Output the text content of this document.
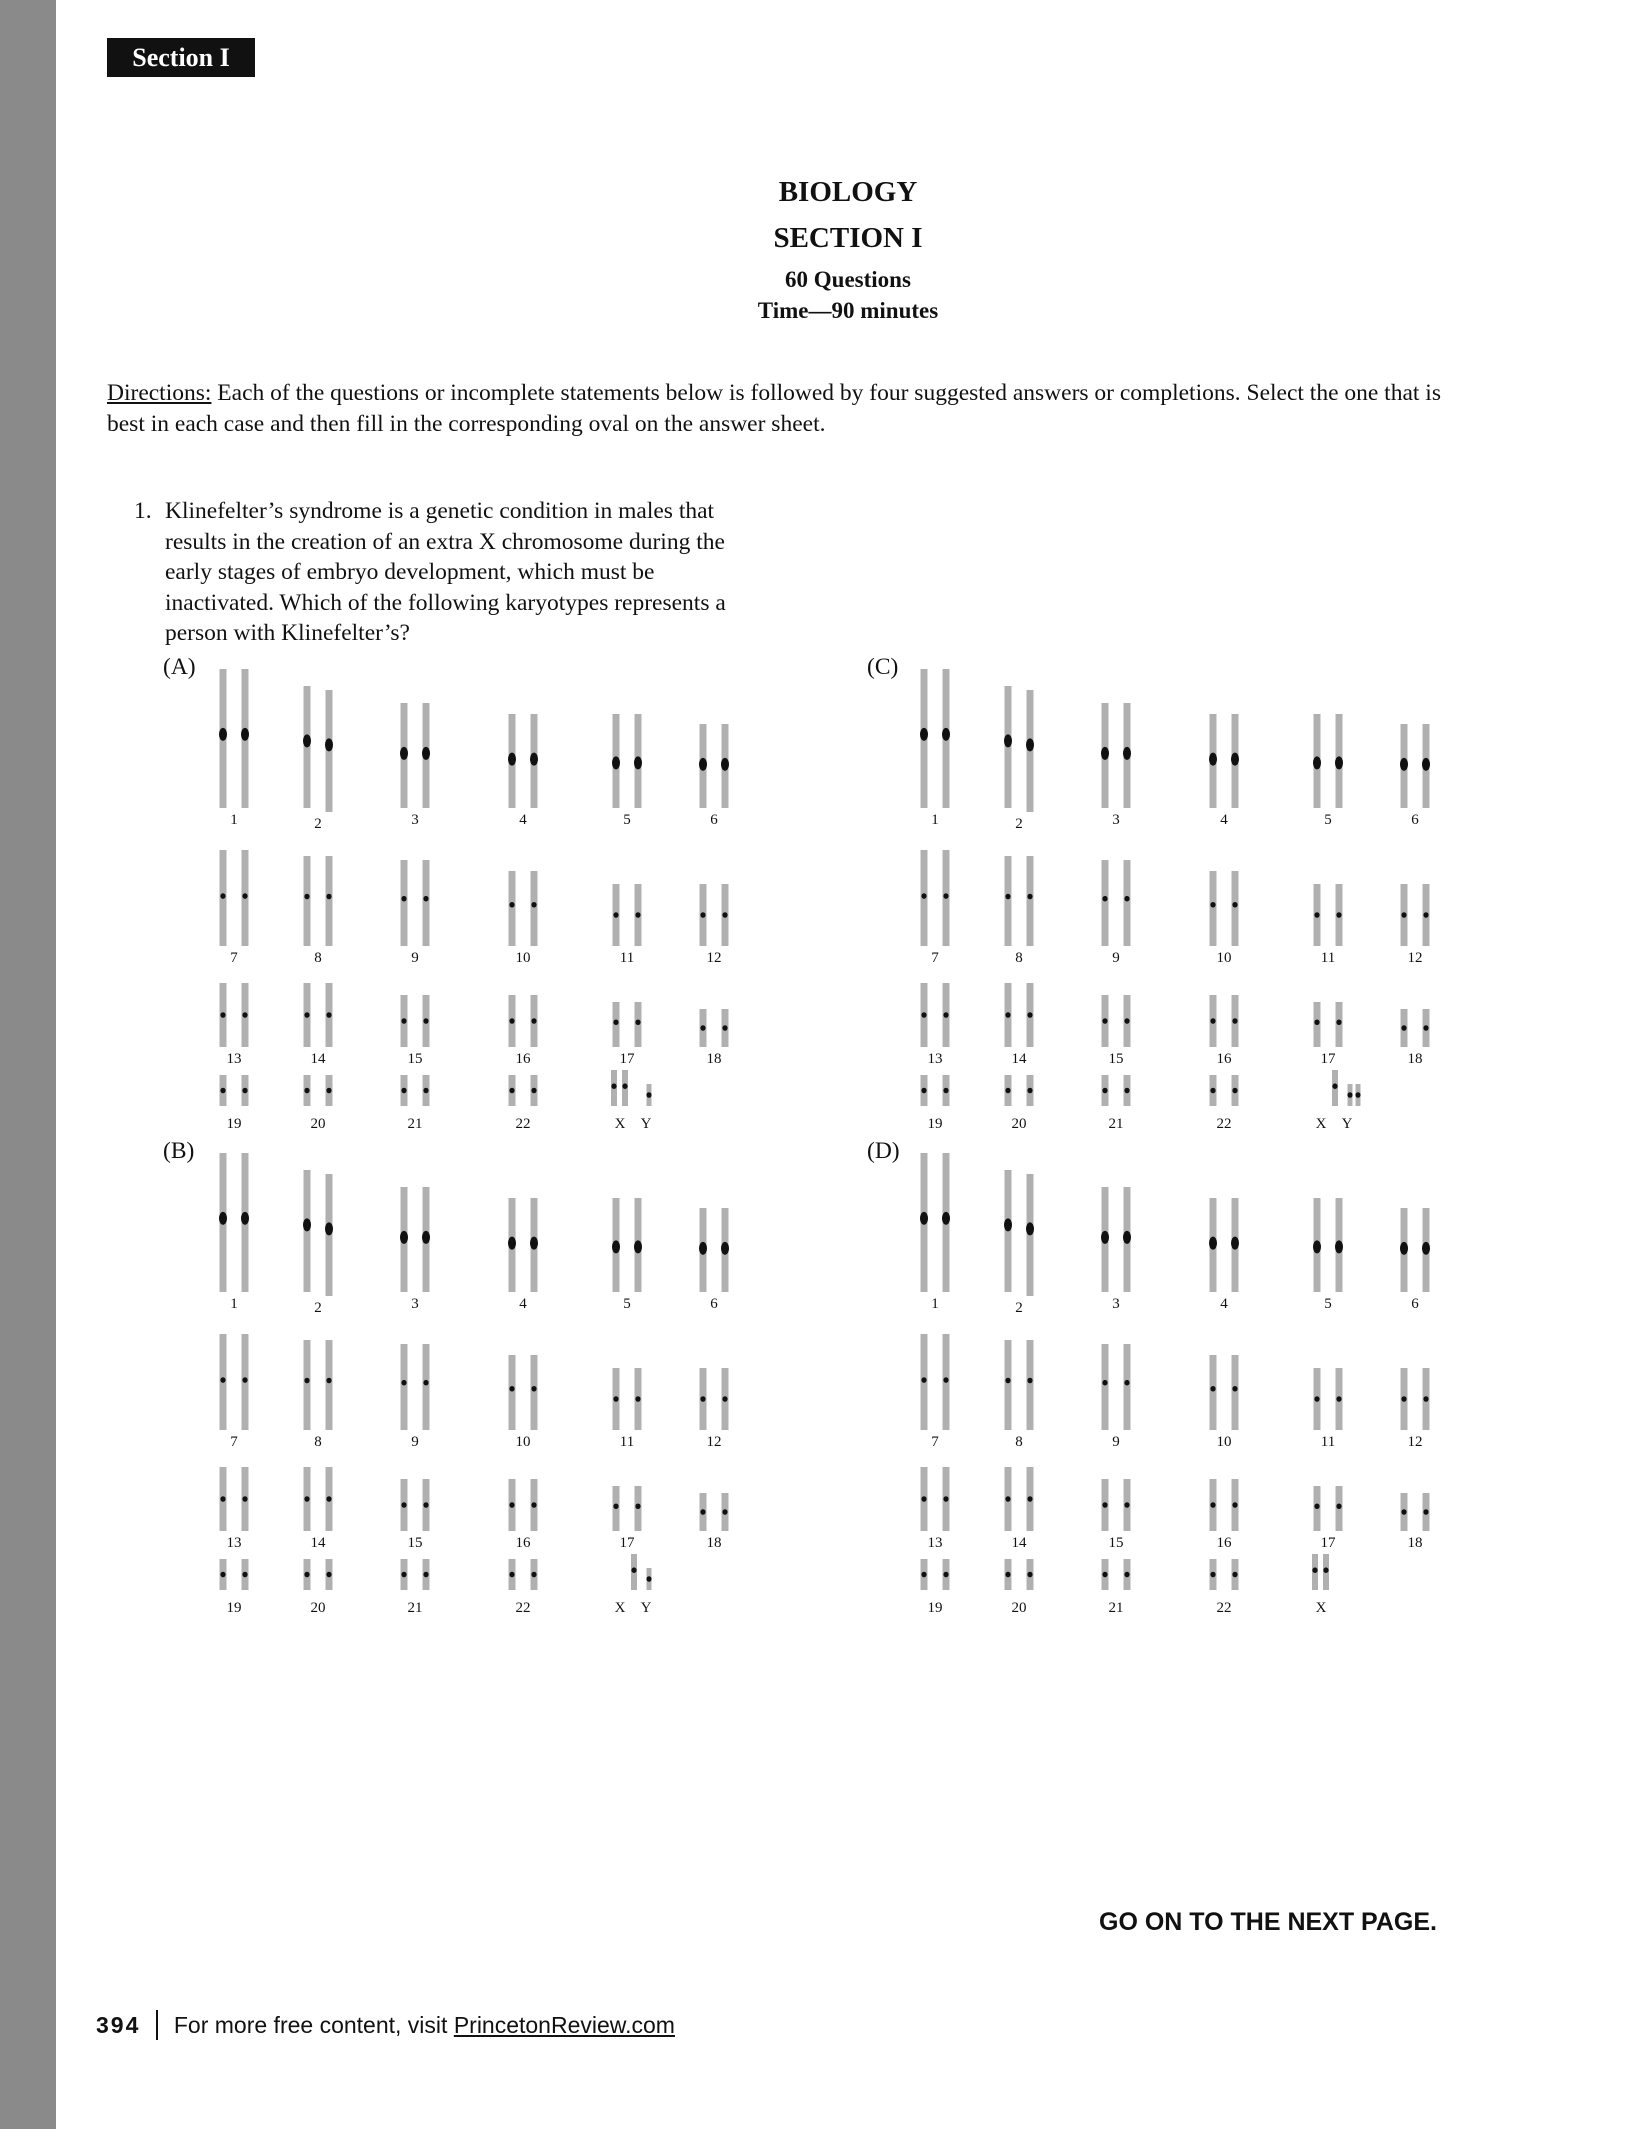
Section I
BIOLOGY
SECTION I
60 Questions
Time—90 minutes
Directions: Each of the questions or incomplete statements below is followed by four suggested answers or completions. Select the one that is best in each case and then fill in the corresponding oval on the answer sheet.
1. Klinefelter’s syndrome is a genetic condition in males that results in the creation of an extra X chromosome during the early stages of embryo development, which must be inactivated. Which of the following karyotypes represents a person with Klinefelter’s?
(A)	(C)
(B)	(D)
1	2	3	4	5	6
7	8	9	10	11	12
13	14	15	16	17	18
19	20	21	22	X Y
1	2	3	4	5	6
7	8	9	10	11	12
13	14	15	16	17	18
19	20	21	22	X Y
1	2	3	4	5	6
7	8	9	10	11	12
13	14	15	16	17	18
19	20	21	22	X Y
1	2	3	4	5	6
7	8	9	10	11	12
13	14	15	16	17	18
19	20	21	22	X
GO ON TO THE NEXT PAGE.
394 For more free content, visit
PrincetonReview.com
